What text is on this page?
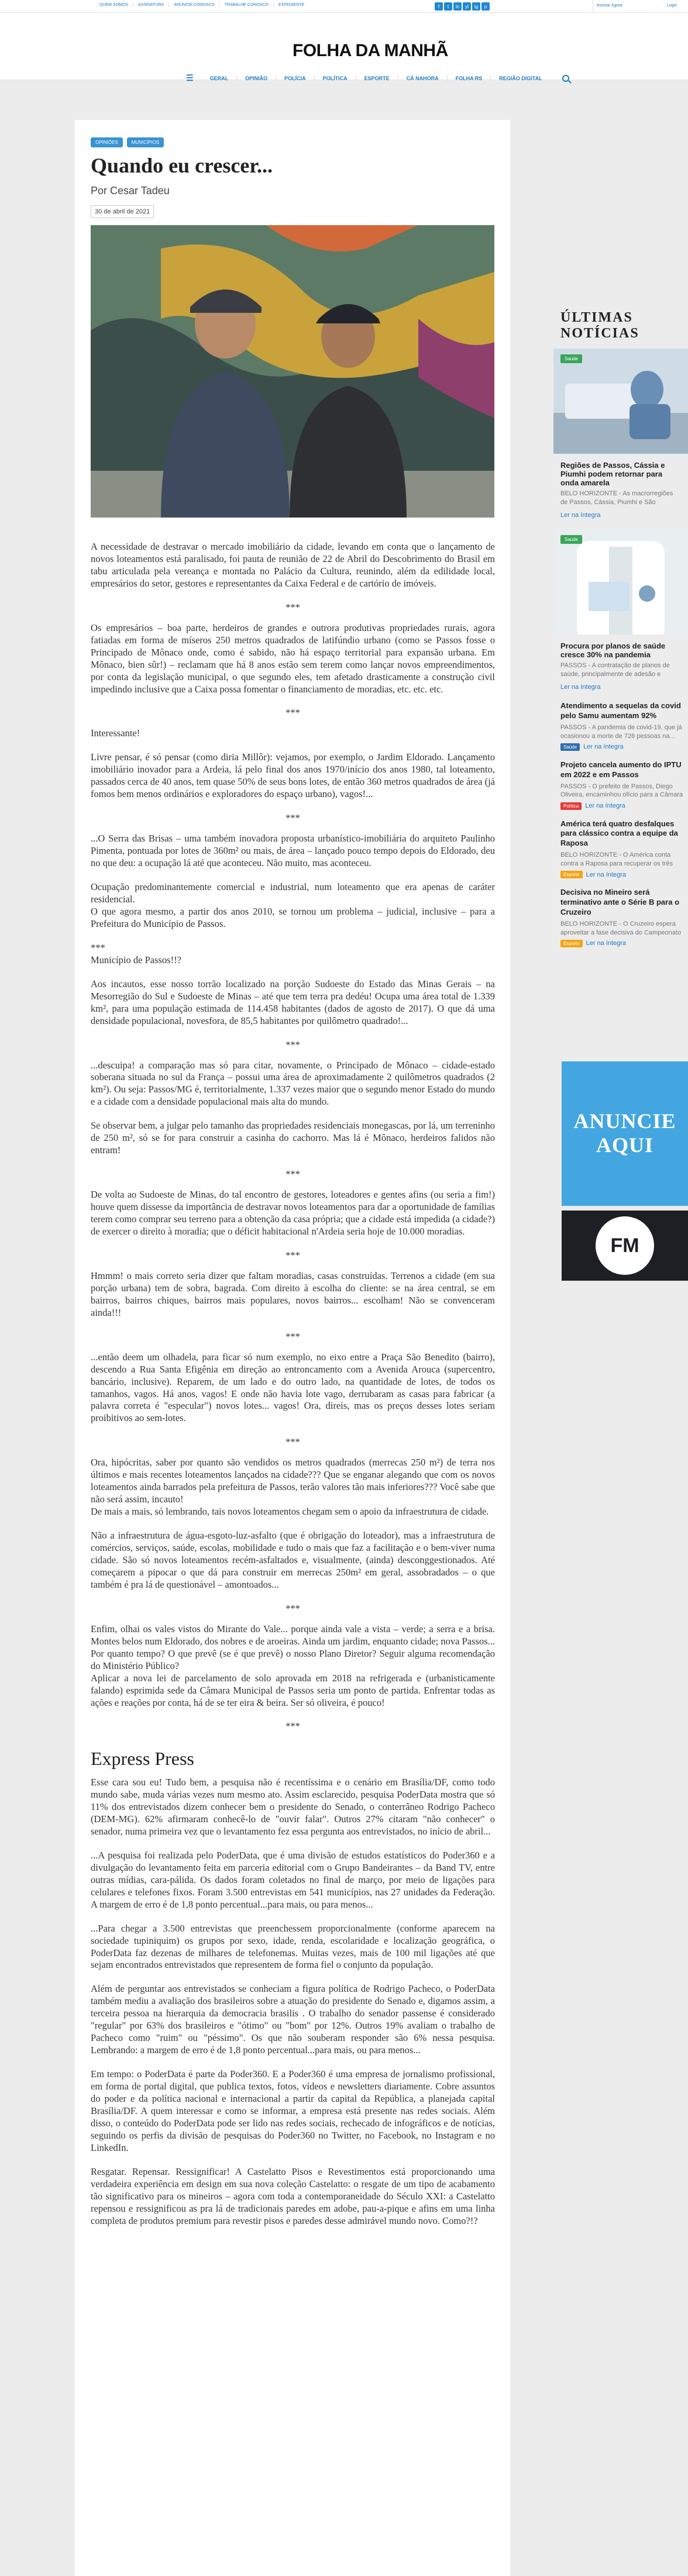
QUEM SOMOS	ASSINATURA	ANUNCIE CONOSCO	TRABALHE CONOSCO	EXPEDIENTE	f	t	in	yt	ig	p	Assinar Agora	Login
FOLHA DA MANHÃ
☰	GERAL	OPINIÃO	POLÍCIA	POLÍTICA	ESPORTE	CÁ NAHORA	FOLHA RS	REGIÃO DIGITAL
OPINIÕES	MUNICÍPIOS
Quando eu crescer...
Por Cesar Tadeu
30 de abril de 2021

A necessidade de destravar o mercado imobiliário da cidade, levando em conta que o lançamento de novos loteamentos está paralisado, foi pauta de reunião de 22 de Abril do Descobrimento do Brasil em tabu articulada pela vereança e montada no Palácio da Cultura, reunindo, além da edilidade local, empresários do setor, gestores e representantes da Caixa Federal e de cartório de imóveis.

***

Os empresários – boa parte, herdeiros de grandes e outrora produtivas propriedades rurais, agora fatiadas em forma de míseros 250 metros quadrados de latifúndio urbano (como se Passos fosse o Principado de Mônaco onde, como é sabido, não há espaço territorial para expansão urbana. Em Mônaco, bien sûr!) – reclamam que há 8 anos estão sem terem como lançar novos empreendimentos, por conta da legislação municipal, o que segundo eles, tem afetado drasticamente a construção civil impedindo inclusive que a Caixa possa fomentar o financiamento de moradias, etc. etc. etc.

***

Interessante!

Livre pensar, é só pensar (como diria Millôr): vejamos, por exemplo, o Jardim Eldorado. Lançamento imobiliário inovador para a Ardeia, lá pelo final dos anos 1970/início dos anos 1980, tal loteamento, passados cerca de 40 anos, tem quase 50% de seus bons lotes, de então 360 metros quadrados de área (já fomos bem menos ordinários e exploradores do espaço urbano), vagos!...

***

...O Serra das Brisas – uma também inovadora proposta urbanístico-imobiliária do arquiteto Paulinho Pimenta, pontuada por lotes de 360m² ou mais, de área – lançado pouco tempo depois do Eldorado, deu no que deu: a ocupação lá até que aconteceu. Não muito, mas aconteceu.

Ocupação predominantemente comercial e industrial, num loteamento que era apenas de caráter residencial.
O que agora mesmo, a partir dos anos 2010, se tornou um problema – judicial, inclusive – para a Prefeitura do Município de Passos.

***
Município de Passos!!?

Aos incautos, esse nosso torrão localizado na porção Sudoeste do Estado das Minas Gerais – na Mesorregião do Sul e Sudoeste de Minas – até que tem terra pra dedéu! Ocupa uma área total de 1.339 km², para uma população estimada de 114.458 habitantes (dados de agosto de 2017). O que dá uma densidade populacional, novesfora, de 85,5 habitantes por quilômetro quadrado!...

***

...descuipa! a comparação mas só para citar, novamente, o Principado de Mônaco – cidade-estado soberana situada no sul da França – possui uma área de aproximadamente 2 quilômetros quadrados (2 km²). Ou seja: Passos/MG é, territorialmente, 1.337 vezes maior que o segundo menor Estado do mundo e a cidade com a densidade populacional mais alta do mundo.

Se observar bem, a julgar pelo tamanho das propriedades residenciais monegascas, por lá, um terreninho de 250 m², só se for para construir a casinha do cachorro. Mas lá é Mônaco, herdeiros falidos não entram!

***

De volta ao Sudoeste de Minas, do tal encontro de gestores, loteadores e gentes afins (ou seria a fim!) houve quem dissesse da importância de destravar novos loteamentos para dar a oportunidade de famílias terem como comprar seu terreno para a obtenção da casa própria; que a cidade está impedida (a cidade?) de exercer o direito à moradia; que o déficit habitacional n'Ardeia seria hoje de 10.000 moradias.

***

Hmmm! o mais correto seria dizer que faltam moradias, casas construídas. Terrenos a cidade (em sua porção urbana) tem de sobra, bagrada. Com direito à escolha do cliente: se na área central, se em bairros, bairros chiques, bairros mais populares, novos bairros... escolham! Não se convenceram ainda!!!

***

...então deem um olhadela, para ficar só num exemplo, no eixo entre a Praça São Benedito (bairro), descendo a Rua Santa Efigênia em direção ao entroncamento com a Avenida Arouca (supercentro, bancário, inclusive). Reparem, de um lado e do outro lado, na quantidade de lotes, de todos os tamanhos, vagos. Há anos, vagos! E onde não havia lote vago, derrubaram as casas para fabricar (a palavra correta é "especular") novos lotes... vagos! Ora, direis, mas os preços desses lotes seriam proibitivos ao sem-lotes.

***

Ora, hipócritas, saber por quanto são vendidos os metros quadrados (merrecas 250 m²) de terra nos últimos e mais recentes loteamentos lançados na cidade??? Que se enganar alegando que com os novos loteamentos ainda barrados pela prefeitura de Passos, terão valores tão mais inferiores??? Você sabe que não será assim, incauto!
De mais a mais, só lembrando, tais novos loteamentos chegam sem o apoio da infraestrutura de cidade.

Não a infraestrutura de água-esgoto-luz-asfalto (que é obrigação do loteador), mas a infraestrutura de comércios, serviços, saúde, escolas, mobilidade e tudo o mais que faz a facilitação e o bem-viver numa cidade. São só novos loteamentos recém-asfaltados e, visualmente, (ainda) desconggestionados. Até começarem a pipocar o que dá para construir em merrecas 250m² em geral, assobradados – o que também é pra lá de questionável – amontoados...

***

Enfim, olhai os vales vistos do Mirante do Vale... porque ainda vale a vista – verde; a serra e a brisa. Montes belos num Eldorado, dos nobres e de aroeiras. Ainda um jardim, enquanto cidade; nova Passos... Por quanto tempo? O que prevê (se é que prevê) o nosso Plano Diretor? Seguir alguma recomendação do Ministério Público?
Aplicar a nova lei de parcelamento de solo aprovada em 2018 na refrigerada e (urbanisticamente falando) esprimida sede da Câmara Municipal de Passos seria um ponto de partida. Enfrentar todas as ações e reações por conta, há de se ter eira & beira. Ser só oliveira, é pouco!

***

Express Press

Esse cara sou eu! Tudo bem, a pesquisa não é recentíssima e o cenário em Brasília/DF, como todo mundo sabe, muda várias vezes num mesmo ato. Assim esclarecido, pesquisa PoderData mostra que só 11% dos entrevistados dizem conhecer bem o presidente do Senado, o conterrâneo Rodrigo Pacheco (DEM-MG). 62% afirmaram conhecê-lo de "ouvir falar". Outros 27% citaram "não conhecer" o senador, numa primeira vez que o levantamento fez essa pergunta aos entrevistados, no início de abril...

...A pesquisa foi realizada pelo PoderData, que é uma divisão de estudos estatísticos do Poder360 e a divulgação do levantamento feita em parceria editorial com o Grupo Bandeirantes – da Band TV, entre outras mídias, cara-pálida. Os dados foram coletados no final de março, por meio de ligações para celulares e telefones fixos. Foram 3.500 entrevistas em 541 municípios, nas 27 unidades da Federação. A margem de erro é de 1,8 ponto percentual...para mais, ou para menos...

...Para chegar a 3.500 entrevistas que preenchessem proporcionalmente (conforme aparecem na sociedade tupiniquim) os grupos por sexo, idade, renda, escolaridade e localização geográfica, o PoderData faz dezenas de milhares de telefonemas. Muitas vezes, mais de 100 mil ligações até que sejam encontrados entrevistados que representem de forma fiel o conjunto da população.

Além de perguntar aos entrevistados se conheciam a figura política de Rodrigo Pacheco, o PoderData também mediu a avaliação dos brasileiros sobre a atuação do presidente do Senado e, digamos assim, a terceira pessoa na hierarquia da democracia brasilis . O trabalho do senador passense é considerado "regular" por 63% dos brasileiros e "ótimo" ou "bom" por 12%. Outros 19% avaliam o trabalho de Pacheco como "ruim" ou "péssimo". Os que não souberam responder são 6% nessa pesquisa. Lembrando: a margem de erro é de 1,8 ponto percentual...para mais, ou para menos...

Em tempo: o PoderData é parte da Poder360. E a Poder360 é uma empresa de jornalismo profissional, em forma de portal digital, que publica textos, fotos, vídeos e newsletters diariamente. Cobre assuntos do poder e da política nacional e internacional a partir da capital da República, a planejada capital Brasília/DF. A quem interessar e como se informar, a empresa está presente nas redes sociais. Além disso, o conteúdo do PoderData pode ser lido nas redes sociais, rechecado de infográficos e de notícias, seguindo os perfis da divisão de pesquisas do Poder360 no Twitter, no Facebook, no Instagram e no LinkedIn.

Resgatar. Repensar. Ressignificar! A Castelatto Pisos e Revestimentos está proporcionando uma verdadeira experiência em design em sua nova coleção Castelatto: o resgate de um tipo de acabamento tão significativo para os mineiros – agora com toda a contemporaneidade do Século XXI: a Castelatto repensou e ressignificou as pra lá de tradicionais paredes em adobe, pau-a-pique e afins em uma linha completa de produtos premium para revestir pisos e paredes desse admirável mundo novo. Como?!?

ÚLTIMAS NOTÍCIAS
Saúde
Regiões de Passos, Cássia e Piumhi podem retornar para onda amarela
BELO HORIZONTE - As macrorregiões de Passos, Cássia, Piumhi e São
Ler na íntegra
Saúde
Procura por planos de saúde cresce 30% na pandemia
PASSOS - A contratação de planos de saúde, principalmente de adesão e
Ler na íntegra
Atendimento a sequelas da covid pelo Samu aumentam 92%
PASSOS - A pandemia de covid-19, que já ocasionou a morte de 726 pessoas na...
Saúde	Ler na íntegra
Projeto cancela aumento do IPTU em 2022 e em Passos
PASSOS - O prefeito de Passos, Diego Oliveira, encaminhou ofício para a Câmara
Política	Ler na íntegra
América terá quatro desfalques para clássico contra a equipe da Raposa
BELO HORIZONTE - O América conta contra a Raposa para recuperar os três
Esporte	Ler na íntegra
Decisiva no Mineiro será terminativo ante o Série B para o Cruzeiro
BELO HORIZONTE - O Cruzeiro espera aproveitar a fase decisiva do Campeonato
Esporte	Ler na íntegra
ANUNCIE
AQUI
FM
